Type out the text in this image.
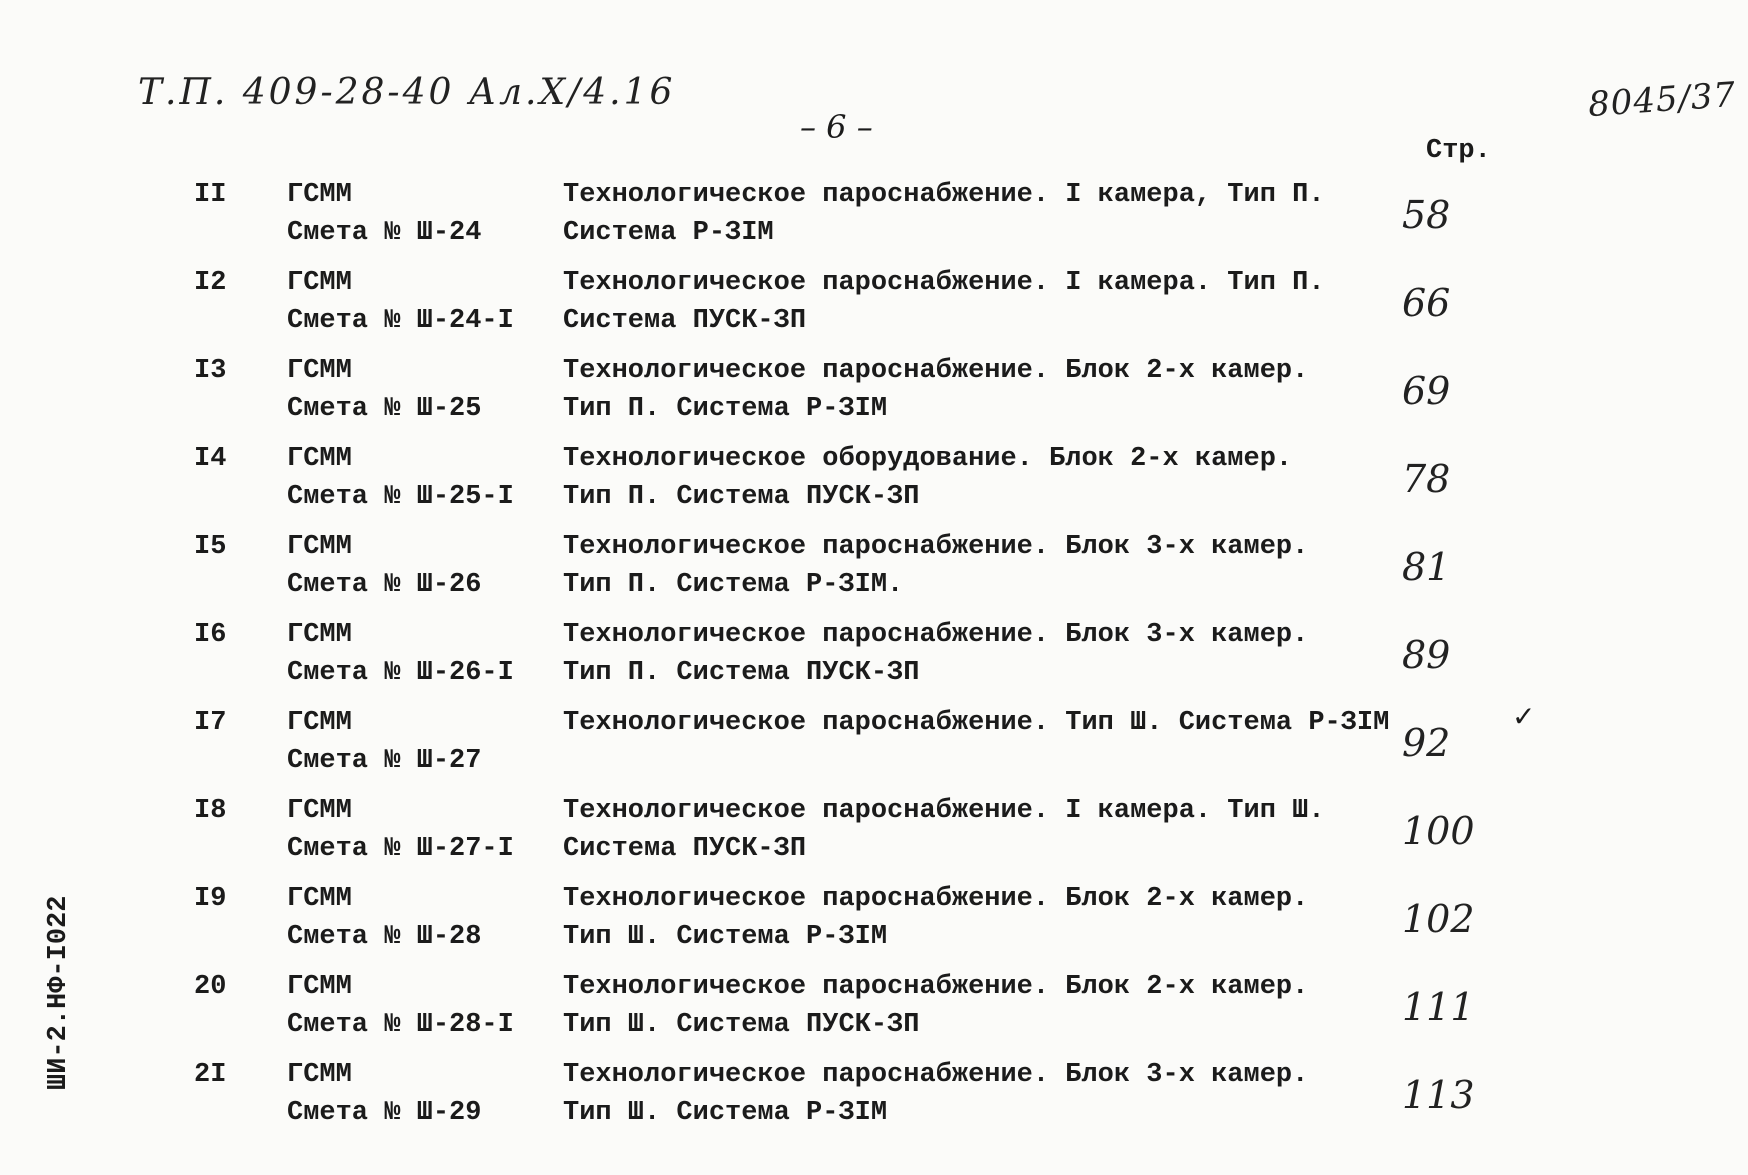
Т.П. 409-28-40 Ал.Ⅹ/4.16	8045/37
– 6 –
Стр.
II ГСММ
Смета № Ш-24
Технологическое пароснабжение. I камера, Тип П.
Система Р-ЗIМ	58
I2 ГСММ
Смета № Ш-24-I
Технологическое пароснабжение. I камера. Тип П.
Система ПУСК-ЗП	66
I3 ГСММ
Смета № Ш-25
Технологическое пароснабжение. Блок 2-х камер.
Тип П. Система Р-ЗIМ	69
I4 ГСММ
Смета № Ш-25-I
Технологическое оборудование. Блок 2-х камер.
Тип П. Система ПУСК-ЗП	78
I5 ГСММ
Смета № Ш-26
Технологическое пароснабжение. Блок 3-х камер.
Тип П. Система Р-ЗIМ.	81
I6 ГСММ
Смета № Ш-26-I
Технологическое пароснабжение. Блок 3-х камер.
Тип П. Система ПУСК-ЗП	89
I7 ГСММ
Смета № Ш-27
Технологическое пароснабжение. Тип Ш. Система Р-ЗIМ 92
I8 ГСММ
Смета № Ш-27-I
Технологическое пароснабжение. I камера. Тип Ш.
Система ПУСК-ЗП	100
I9 ГСММ
Смета № Ш-28
Технологическое пароснабжение. Блок 2-х камер.
Тип Ш. Система Р-ЗIМ	102
20 ГСММ
Смета № Ш-28-I
Технологическое пароснабжение. Блок 2-х камер.
Тип Ш. Система ПУСК-ЗП	111
2I ГСММ
Смета № Ш-29
Технологическое пароснабжение. Блок 3-х камер.
Тип Ш. Система Р-ЗIМ	113
✓
ШИ-2.НФ-I022
